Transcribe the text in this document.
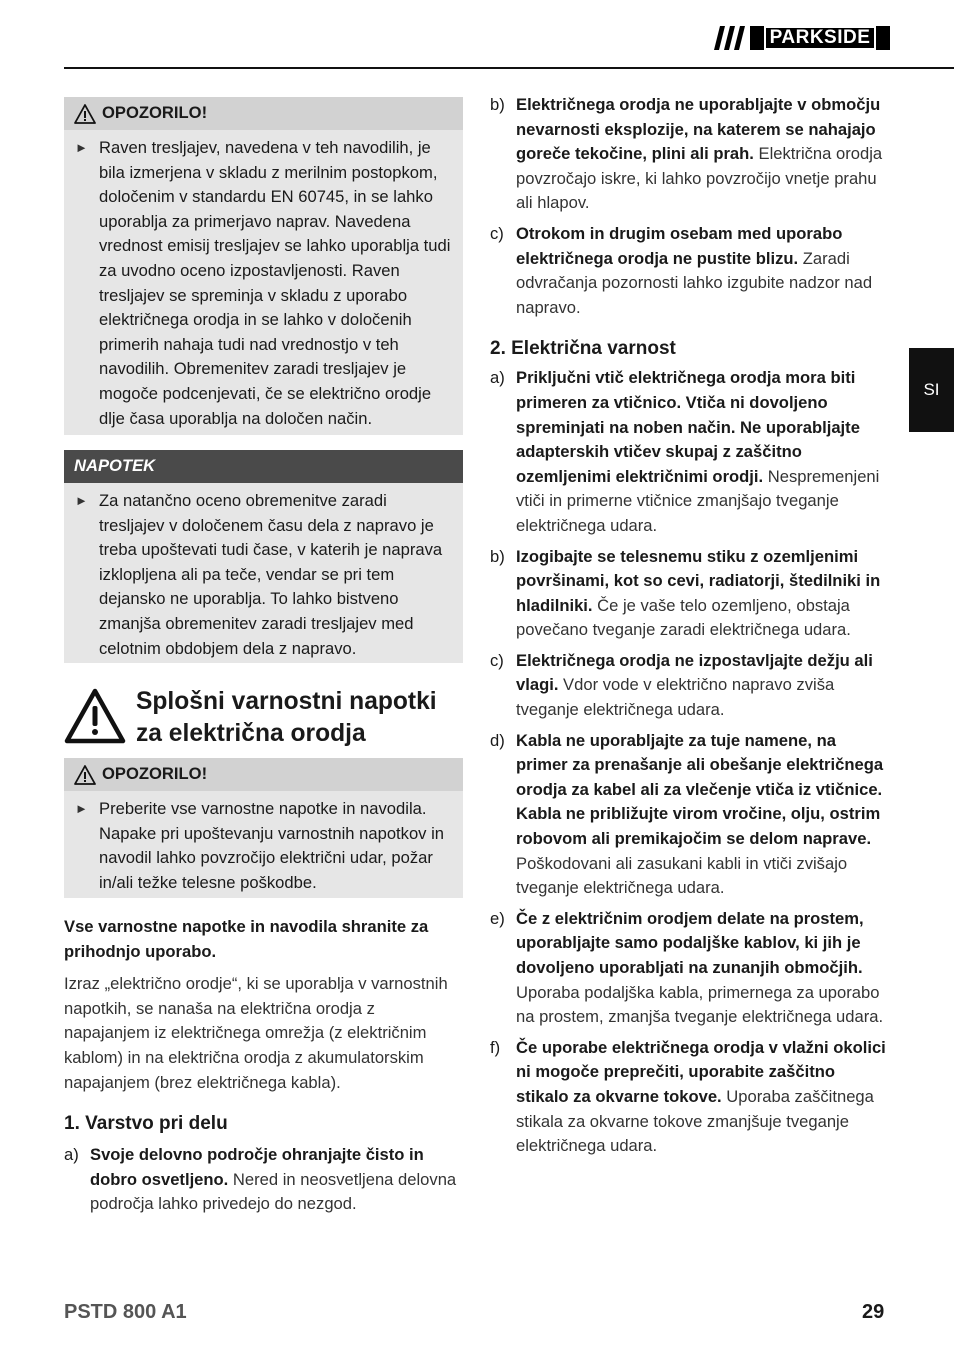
PARKSIDE
SI
OPOZORILO!
► Raven tresljajev, navedena v teh navodilih, je bila izmerjena v skladu z merilnim postopkom, določenim v standardu EN 60745, in se lahko uporablja za primerjavo naprav. Navedena vrednost emisij tresljajev se lahko uporablja tudi za uvodno oceno izpostavljenosti. Raven tresljajev se spreminja v skladu z uporabo električnega orodja in se lahko v določenih primerih nahaja tudi nad vrednostjo v teh navodilih. Obremenitev zaradi tresljajev je mogoče podcenjevati, če se električno orodje dlje časa uporablja na določen način.
NAPOTEK
► Za natančno oceno obremenitve zaradi tresljajev v določenem času dela z napravo je treba upoštevati tudi čase, v katerih je naprava izklopljena ali pa teče, vendar se pri tem dejansko ne uporablja. To lahko bistveno zmanjša obremenitev zaradi tresljajev med celotnim obdobjem dela z napravo.
Splošni varnostni napotki za električna orodja
OPOZORILO!
► Preberite vse varnostne napotke in navodila. Napake pri upoštevanju varnostnih napotkov in navodil lahko povzročijo električni udar, požar in/ali težke telesne poškodbe.
Vse varnostne napotke in navodila shranite za prihodnjo uporabo.
Izraz „električno orodje“, ki se uporablja v varnostnih napotkih, se nanaša na električna orodja z napajanjem iz električnega omrežja (z električnim kablom) in na električna orodja z akumulatorskim napajanjem (brez električnega kabla).
1. Varstvo pri delu
a) Svoje delovno področje ohranjajte čisto in dobro osvetljeno. Nered in neosvetljena delovna področja lahko privedejo do nezgod.
b) Električnega orodja ne uporabljajte v območju nevarnosti eksplozije, na katerem se nahajajo goreče tekočine, plini ali prah. Električna orodja povzročajo iskre, ki lahko povzročijo vnetje prahu ali hlapov.
c) Otrokom in drugim osebam med uporabo električnega orodja ne pustite blizu. Zaradi odvračanja pozornosti lahko izgubite nadzor nad napravo.
2. Električna varnost
a) Priključni vtič električnega orodja mora biti primeren za vtičnico. Vtiča ni dovoljeno spreminjati na noben način. Ne uporabljajte adapterskih vtičev skupaj z zaščitno ozemljenimi električnimi orodji. Nespremenjeni vtiči in primerne vtičnice zmanjšajo tveganje električnega udara.
b) Izogibajte se telesnemu stiku z ozemljenimi površinami, kot so cevi, radiatorji, štedilniki in hladilniki. Če je vaše telo ozemljeno, obstaja povečano tveganje zaradi električnega udara.
c) Električnega orodja ne izpostavljajte dežju ali vlagi. Vdor vode v električno napravo zviša tveganje električnega udara.
d) Kabla ne uporabljajte za tuje namene, na primer za prenašanje ali obešanje električnega orodja za kabel ali za vlečenje vtiča iz vtičnice. Kabla ne približujte virom vročine, olju, ostrim robovom ali premikajočim se delom naprave. Poškodovani ali zasukani kabli in vtiči zvišajo tveganje električnega udara.
e) Če z električnim orodjem delate na prostem, uporabljajte samo podaljške kablov, ki jih je dovoljeno uporabljati na zunanjih območjih. Uporaba podaljška kabla, primernega za uporabo na prostem, zmanjša tveganje električnega udara.
f) Če uporabe električnega orodja v vlažni okolici ni mogoče preprečiti, uporabite zaščitno stikalo za okvarne tokove. Uporaba zaščitnega stikala za okvarne tokove zmanjšuje tveganje električnega udara.
PSTD 800 A1	29
